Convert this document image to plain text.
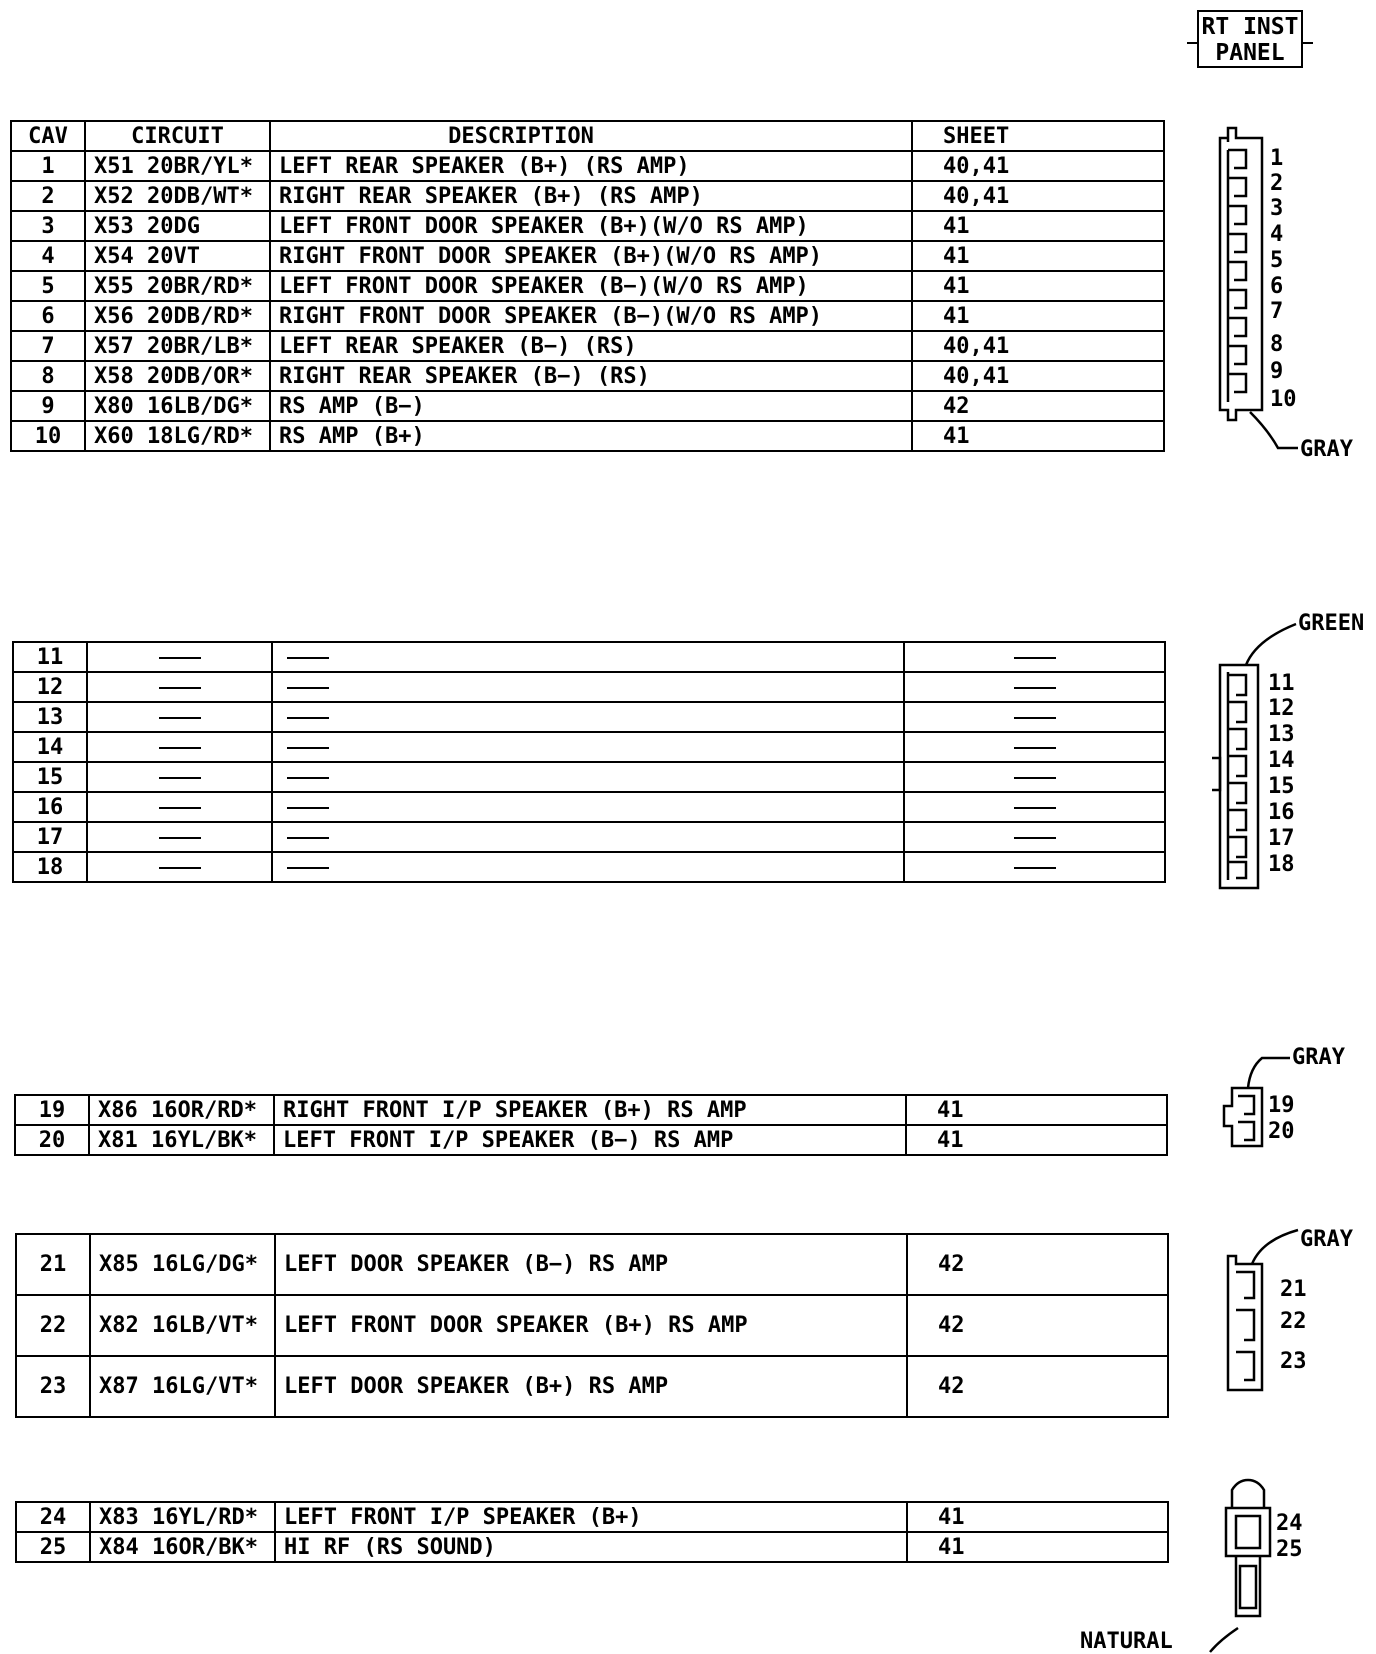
RT INST
PANEL
CAV	CIRCUIT	DESCRIPTION	SHEET
1	X51 20BR/YL*	LEFT REAR SPEAKER (B+) (RS AMP)	40,41
2	X52 20DB/WT*	RIGHT REAR SPEAKER (B+) (RS AMP)	40,41
3	X53 20DG	LEFT FRONT DOOR SPEAKER (B+)(W/O RS AMP)	41
4	X54 20VT	RIGHT FRONT DOOR SPEAKER (B+)(W/O RS AMP)	41
5	X55 20BR/RD*	LEFT FRONT DOOR SPEAKER (B−)(W/O RS AMP)	41
6	X56 20DB/RD*	RIGHT FRONT DOOR SPEAKER (B−)(W/O RS AMP)	41
7	X57 20BR/LB*	LEFT REAR SPEAKER (B−) (RS)	40,41
8	X58 20DB/OR*	RIGHT REAR SPEAKER (B−) (RS)	40,41
9	X80 16LB/DG*	RS AMP (B−)	42
10	X60 18LG/RD*	RS AMP (B+)	41
11			
12			
13			
14			
15			
16			
17			
18			
19	X86 16OR/RD*	RIGHT FRONT I/P SPEAKER (B+) RS AMP	41
20	X81 16YL/BK*	LEFT FRONT I/P SPEAKER (B−) RS AMP	41
21	X85 16LG/DG*	LEFT DOOR SPEAKER (B−) RS AMP	42
22	X82 16LB/VT*	LEFT FRONT DOOR SPEAKER (B+) RS AMP	42
23	X87 16LG/VT*	LEFT DOOR SPEAKER (B+) RS AMP	42
24	X83 16YL/RD*	LEFT FRONT I/P SPEAKER (B+)	41
25	X84 16OR/BK*	HI RF (RS SOUND)	41
1
2
3
4
5
6
7
8
9
10
GRAY
GREEN
11
12
13
14
15
16
17
18
GRAY
19
20
GRAY
21
22
23
24
25
NATURAL
